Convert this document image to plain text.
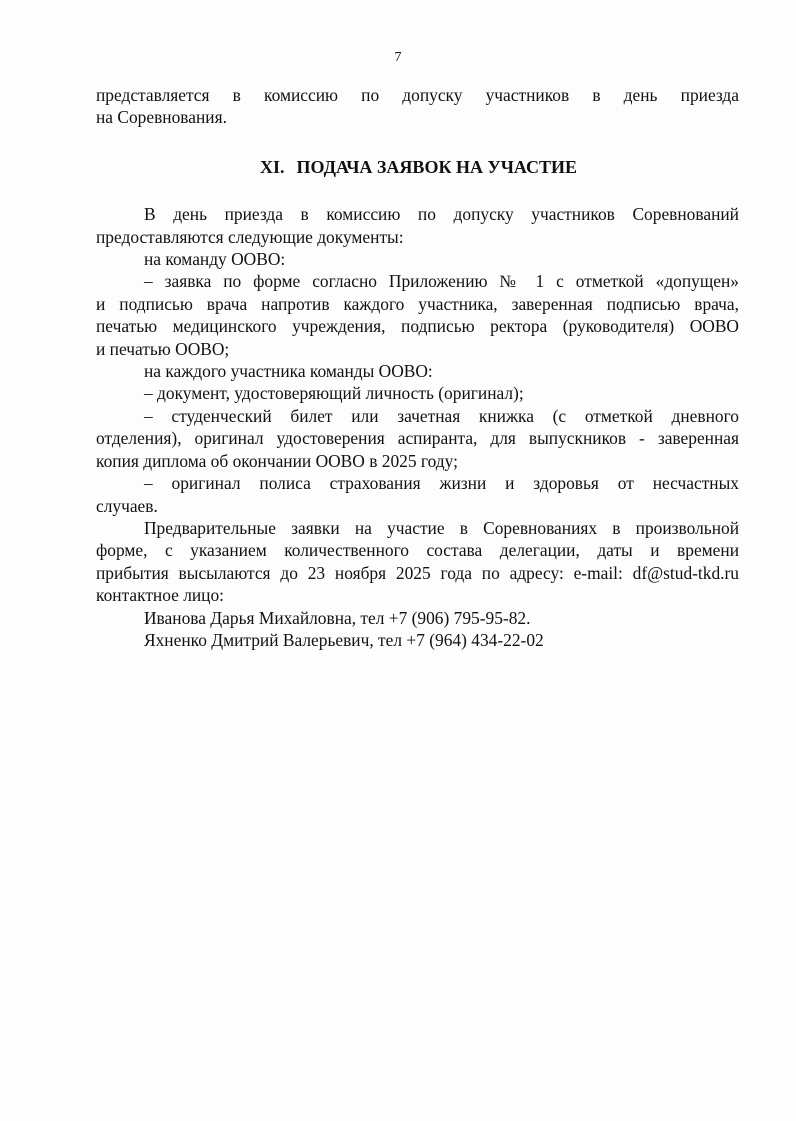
7
представляется в комиссию по допуску участников в день приезда
на Соревнования.
XI. ПОДАЧА ЗАЯВОК НА УЧАСТИЕ
В день приезда в комиссию по допуску участников Соревнований
предоставляются следующие документы:
на команду ООВО:
– заявка по форме согласно Приложению № 1 с отметкой «допущен»
и подписью врача напротив каждого участника, заверенная подписью врача,
печатью медицинского учреждения, подписью ректора (руководителя) ООВО
и печатью ООВО;
на каждого участника команды ООВО:
– документ, удостоверяющий личность (оригинал);
– студенческий билет или зачетная книжка (с отметкой дневного
отделения), оригинал удостоверения аспиранта, для выпускников - заверенная
копия диплома об окончании ООВО в 2025 году;
– оригинал полиса страхования жизни и здоровья от несчастных
случаев.
Предварительные заявки на участие в Соревнованиях в произвольной
форме, с указанием количественного состава делегации, даты и времени
прибытия высылаются до 23 ноября 2025 года по адресу: e-mail: df@stud-tkd.ru
контактное лицо:
Иванова Дарья Михайловна, тел +7 (906) 795-95-82.
Яхненко Дмитрий Валерьевич, тел +7 (964) 434-22-02
